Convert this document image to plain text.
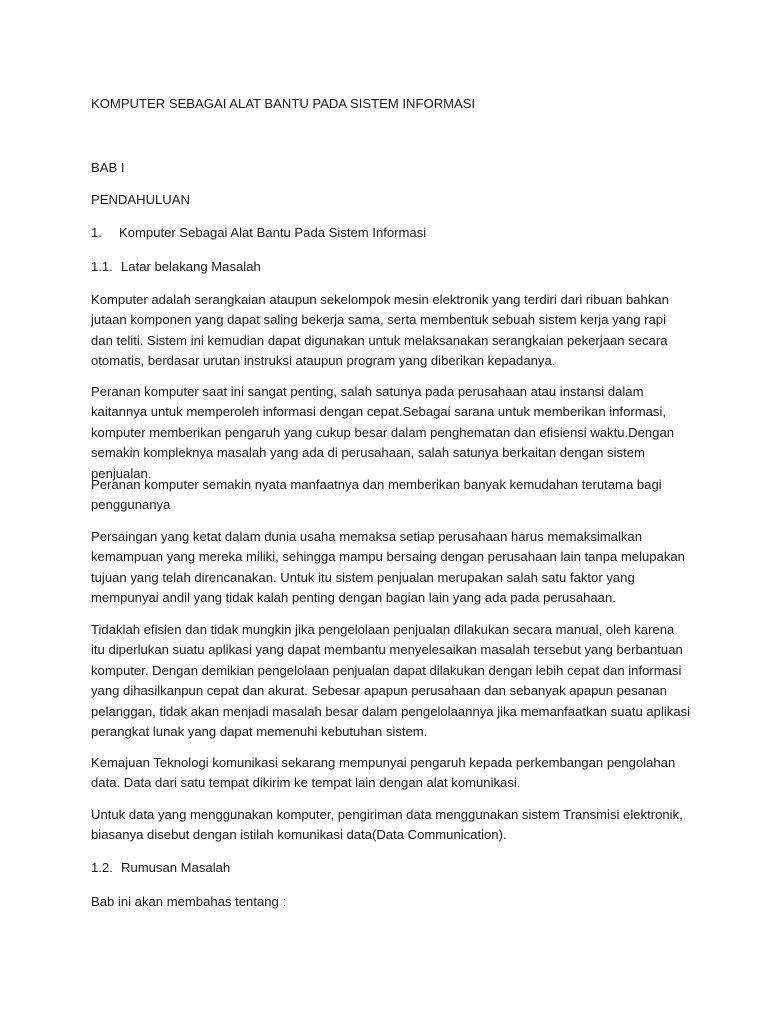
KOMPUTER SEBAGAI ALAT BANTU PADA SISTEM INFORMASI

BAB I

PENDAHULUAN

1.	Komputer Sebagai Alat Bantu Pada Sistem Informasi
1.1. Latar belakang Masalah

Komputer adalah serangkaian ataupun sekelompok mesin elektronik yang terdiri dari ribuan bahkan jutaan komponen yang dapat saling bekerja sama, serta membentuk sebuah sistem kerja yang rapi dan teliti. Sistem ini kemudian dapat digunakan untuk melaksanakan serangkaian pekerjaan secara otomatis, berdasar urutan instruksi ataupun program yang diberikan kepadanya.

Peranan komputer saat ini sangat penting, salah satunya pada perusahaan atau instansi dalam kaitannya untuk memperoleh informasi dengan cepat.Sebagai sarana untuk memberikan informasi, komputer memberikan pengaruh yang cukup besar dalam penghematan dan efisiensi waktu.Dengan semakin kompleknya masalah yang ada di perusahaan, salah satunya berkaitan dengan sistem penjualan.

Peranan komputer semakin nyata manfaatnya dan memberikan banyak kemudahan terutama bagi penggunanya

Persaingan yang ketat dalam dunia usaha memaksa setiap perusahaan harus memaksimalkan kemampuan yang mereka miliki, sehingga mampu bersaing dengan perusahaan lain tanpa melupakan tujuan yang telah direncanakan. Untuk itu sistem penjualan merupakan salah satu faktor yang mempunyai andil yang tidak kalah penting dengan bagian lain yang ada pada perusahaan.

Tidaklah efisien dan tidak mungkin jika pengelolaan penjualan dilakukan secara manual, oleh karena itu diperlukan suatu aplikasi yang dapat membantu menyelesaikan masalah tersebut yang berbantuan komputer. Dengan demikian pengelolaan penjualan dapat dilakukan dengan lebih cepat dan informasi yang dihasilkanpun cepat dan akurat. Sebesar apapun perusahaan dan sebanyak apapun pesanan pelanggan, tidak akan menjadi masalah besar dalam pengelolaannya jika memanfaatkan suatu aplikasi perangkat lunak yang dapat memenuhi kebutuhan sistem.

Kemajuan Teknologi komunikasi sekarang mempunyai pengaruh kepada perkembangan pengolahan data. Data dari satu tempat dikirim ke tempat lain dengan alat komunikasi.

Untuk data yang menggunakan komputer, pengiriman data menggunakan sistem Transmisi elektronik, biasanya disebut dengan istilah komunikasi data(Data Communication).

1.2. Rumusan Masalah

Bab ini akan membahas tentang :
